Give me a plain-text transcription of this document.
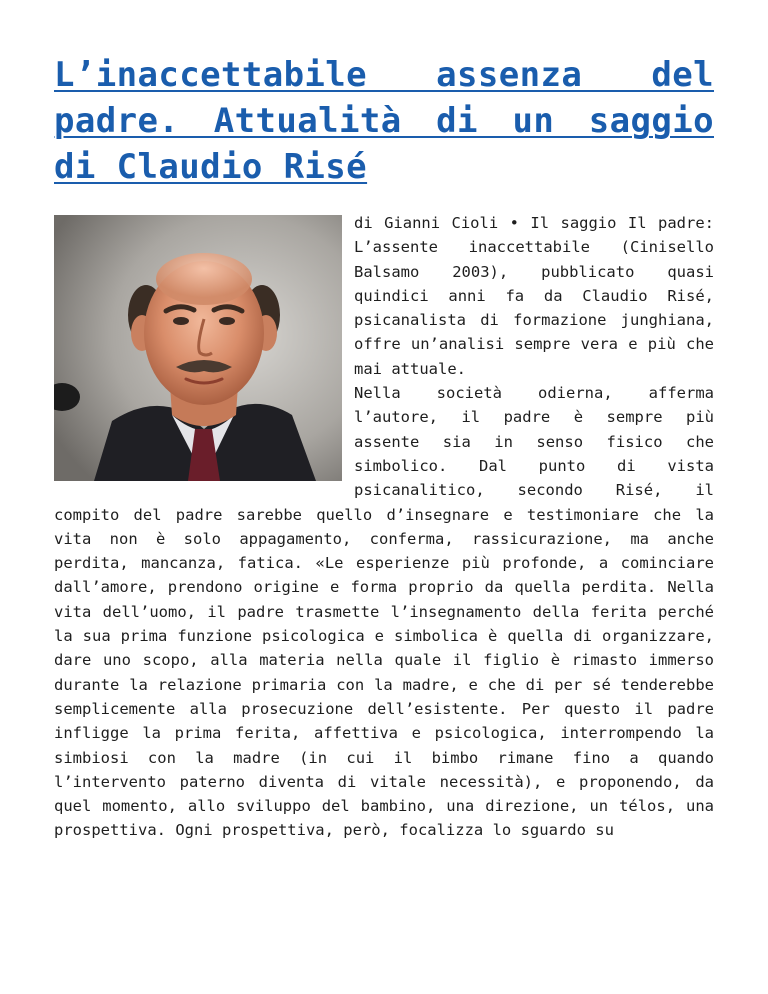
L’inaccettabile assenza del padre. Attualità di un saggio di Claudio Risé

di Gianni Cioli • Il saggio Il padre: L’assente inaccettabile (Cinisello Balsamo 2003), pubblicato quasi quindici anni fa da Claudio Risé, psicanalista di formazione junghiana, offre un’analisi sempre vera e più che mai attuale.

Nella società odierna, afferma l’autore, il padre è sempre più assente sia in senso fisico che simbolico. Dal punto di vista psicanalitico, secondo Risé, il compito del padre sarebbe quello d’insegnare e testimoniare che la vita non è solo appagamento, conferma, rassicurazione, ma anche perdita, mancanza, fatica. «Le esperienze più profonde, a cominciare dall’amore, prendono origine e forma proprio da quella perdita. Nella vita dell’uomo, il padre trasmette l’insegnamento della ferita perché la sua prima funzione psicologica e simbolica è quella di organizzare, dare uno scopo, alla materia nella quale il figlio è rimasto immerso durante la relazione primaria con la madre, e che di per sé tenderebbe semplicemente alla prosecuzione dell’esistente. Per questo il padre infligge la prima ferita, affettiva e psicologica, interrompendo la simbiosi con la madre (in cui il bimbo rimane fino a quando l’intervento paterno diventa di vitale necessità), e proponendo, da quel momento, allo sviluppo del bambino, una direzione, un télos, una prospettiva. Ogni prospettiva, però, focalizza lo sguardo su
